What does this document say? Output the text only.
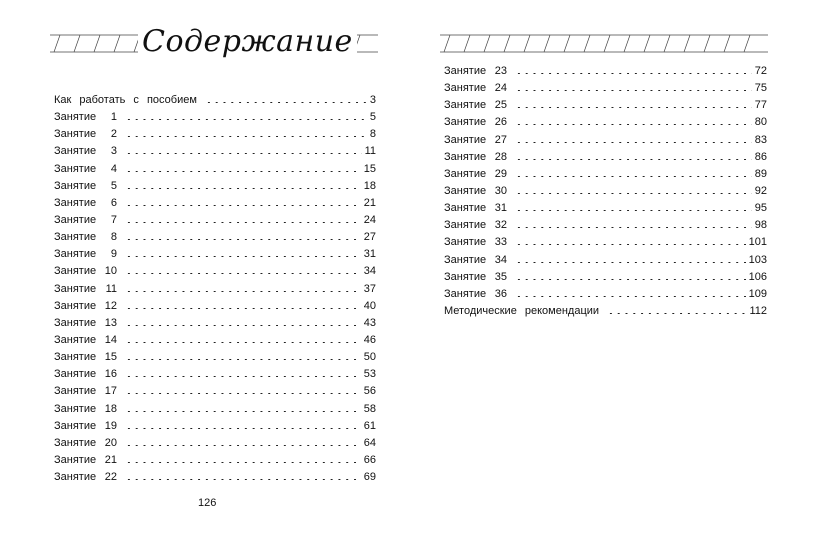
Содержание
Как работать с пособием	3
Занятие 1	5
Занятие 2	8
Занятие 3	11
Занятие 4	15
Занятие 5	18
Занятие 6	21
Занятие 7	24
Занятие 8	27
Занятие 9	31
Занятие 10	34
Занятие 11	37
Занятие 12	40
Занятие 13	43
Занятие 14	46
Занятие 15	50
Занятие 16	53
Занятие 17	56
Занятие 18	58
Занятие 19	61
Занятие 20	64
Занятие 21	66
Занятие 22	69
126
Занятие 23	72
Занятие 24	75
Занятие 25	77
Занятие 26	80
Занятие 27	83
Занятие 28	86
Занятие 29	89
Занятие 30	92
Занятие 31	95
Занятие 32	98
Занятие 33	101
Занятие 34	103
Занятие 35	106
Занятие 36	109
Методические рекомендации	112
